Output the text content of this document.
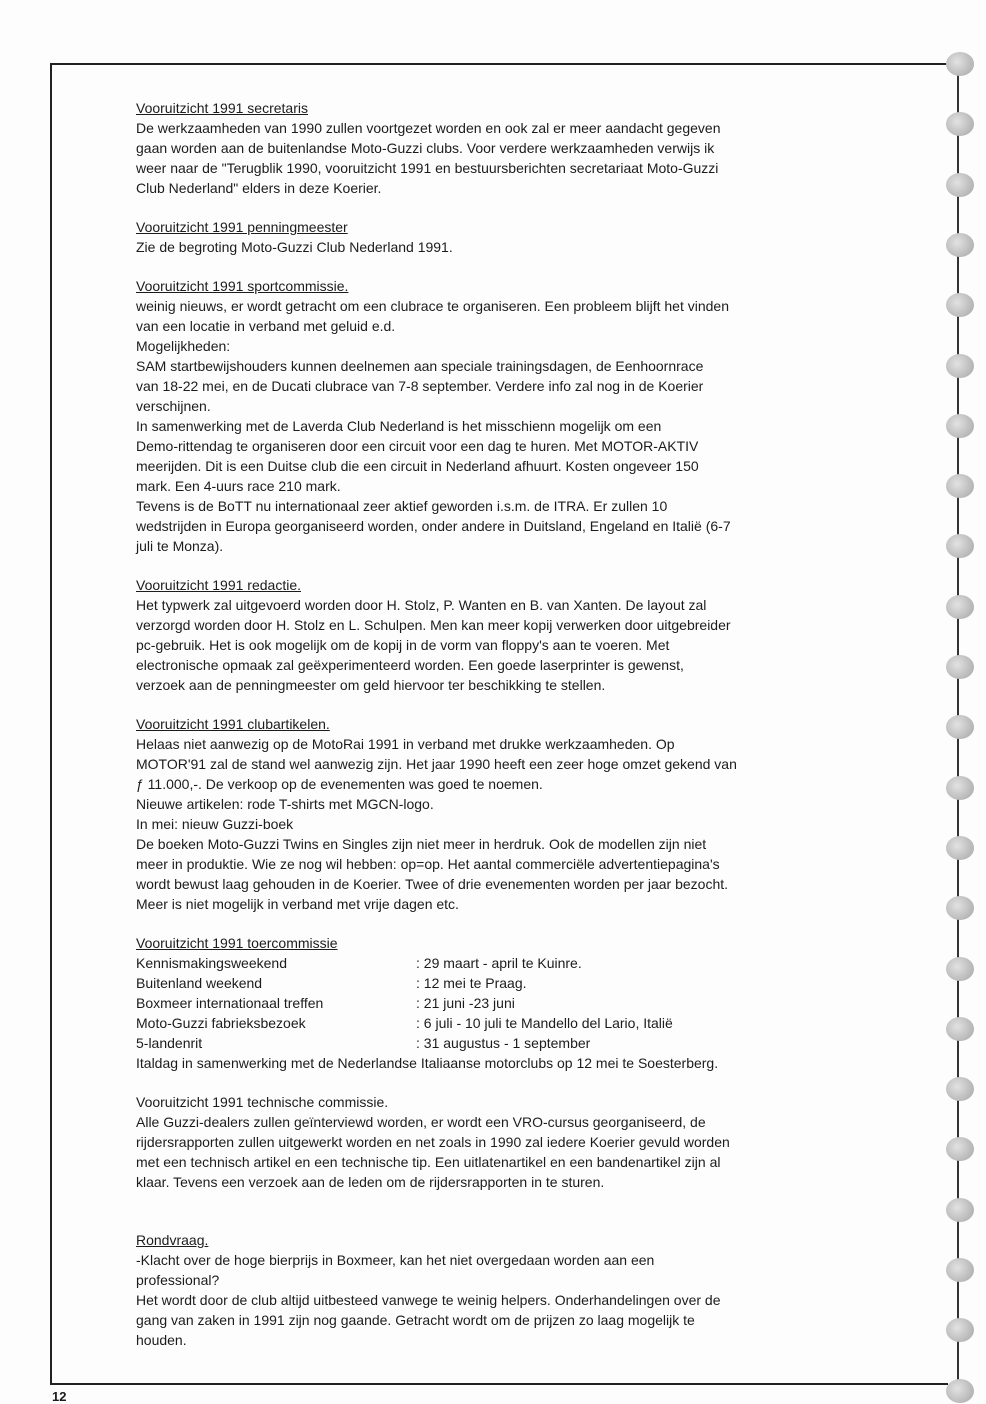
Vooruitzicht 1991 secretaris

De werkzaamheden van 1990 zullen voortgezet worden en ook zal er meer aandacht gegeven

gaan worden aan de buitenlandse Moto-Guzzi clubs. Voor verdere werkzaamheden verwijs ik

weer naar de "Terugblik 1990, vooruitzicht 1991 en bestuursberichten secretariaat Moto-Guzzi

Club Nederland" elders in deze Koerier.

Vooruitzicht 1991 penningmeester

Zie de begroting Moto-Guzzi Club Nederland 1991.

Vooruitzicht 1991 sportcommissie.

weinig nieuws, er wordt getracht om een clubrace te organiseren. Een probleem blijft het vinden

van een locatie in verband met geluid e.d.

Mogelijkheden:

SAM startbewijshouders kunnen deelnemen aan speciale trainingsdagen, de Eenhoornrace

van 18-22 mei, en de Ducati clubrace van 7-8 september. Verdere info zal nog in de Koerier

verschijnen.

In samenwerking met de Laverda Club Nederland is het misschienn mogelijk om een

Demo-rittendag te organiseren door een circuit voor een dag te huren. Met MOTOR-AKTIV

meerijden. Dit is een Duitse club die een circuit in Nederland afhuurt. Kosten ongeveer 150

mark. Een 4-uurs race 210 mark.

Tevens is de BoTT nu internationaal zeer aktief geworden i.s.m. de ITRA. Er zullen 10

wedstrijden in Europa georganiseerd worden, onder andere in Duitsland, Engeland en Italië (6-7

juli te Monza).

Vooruitzicht 1991 redactie.

Het typwerk zal uitgevoerd worden door H. Stolz, P. Wanten en B. van Xanten. De layout zal

verzorgd worden door H. Stolz en L. Schulpen. Men kan meer kopij verwerken door uitgebreider

pc-gebruik. Het is ook mogelijk om de kopij in de vorm van floppy's aan te voeren. Met

electronische opmaak zal geëxperimenteerd worden. Een goede laserprinter is gewenst,

verzoek aan de penningmeester om geld hiervoor ter beschikking te stellen.

Vooruitzicht 1991 clubartikelen.

Helaas niet aanwezig op de MotoRai 1991 in verband met drukke werkzaamheden. Op

MOTOR'91 zal de stand wel aanwezig zijn. Het jaar 1990 heeft een zeer hoge omzet gekend van

ƒ 11.000,-. De verkoop op de evenementen was goed te noemen.

Nieuwe artikelen: rode T-shirts met MGCN-logo.

In mei: nieuw Guzzi-boek

De boeken Moto-Guzzi Twins en Singles zijn niet meer in herdruk. Ook de modellen zijn niet

meer in produktie. Wie ze nog wil hebben: op=op. Het aantal commerciële advertentiepagina's

wordt bewust laag gehouden in de Koerier. Twee of drie evenementen worden per jaar bezocht.

Meer is niet mogelijk in verband met vrije dagen etc.

Vooruitzicht 1991 toercommissie
Kennismakingsweekend	: 29 maart - april te Kuinre.
Buitenland weekend	: 12 mei te Praag.
Boxmeer internationaal treffen	: 21 juni -23 juni
Moto-Guzzi fabrieksbezoek	: 6 juli - 10 juli te Mandello del Lario, Italië
5-landenrit	: 31 augustus - 1 september

Italdag in samenwerking met de Nederlandse Italiaanse motorclubs op 12 mei te Soesterberg.

Vooruitzicht 1991 technische commissie.

Alle Guzzi-dealers zullen geïnterviewd worden, er wordt een VRO-cursus georganiseerd, de

rijdersrapporten zullen uitgewerkt worden en net zoals in 1990 zal iedere Koerier gevuld worden

met een technisch artikel en een technische tip. Een uitlatenartikel en een bandenartikel zijn al

klaar. Tevens een verzoek aan de leden om de rijdersrapporten in te sturen.

Rondvraag.

-Klacht over de hoge bierprijs in Boxmeer, kan het niet overgedaan worden aan een

professional?

Het wordt door de club altijd uitbesteed vanwege te weinig helpers. Onderhandelingen over de

gang van zaken in 1991 zijn nog gaande. Getracht wordt om de prijzen zo laag mogelijk te

houden.

12
